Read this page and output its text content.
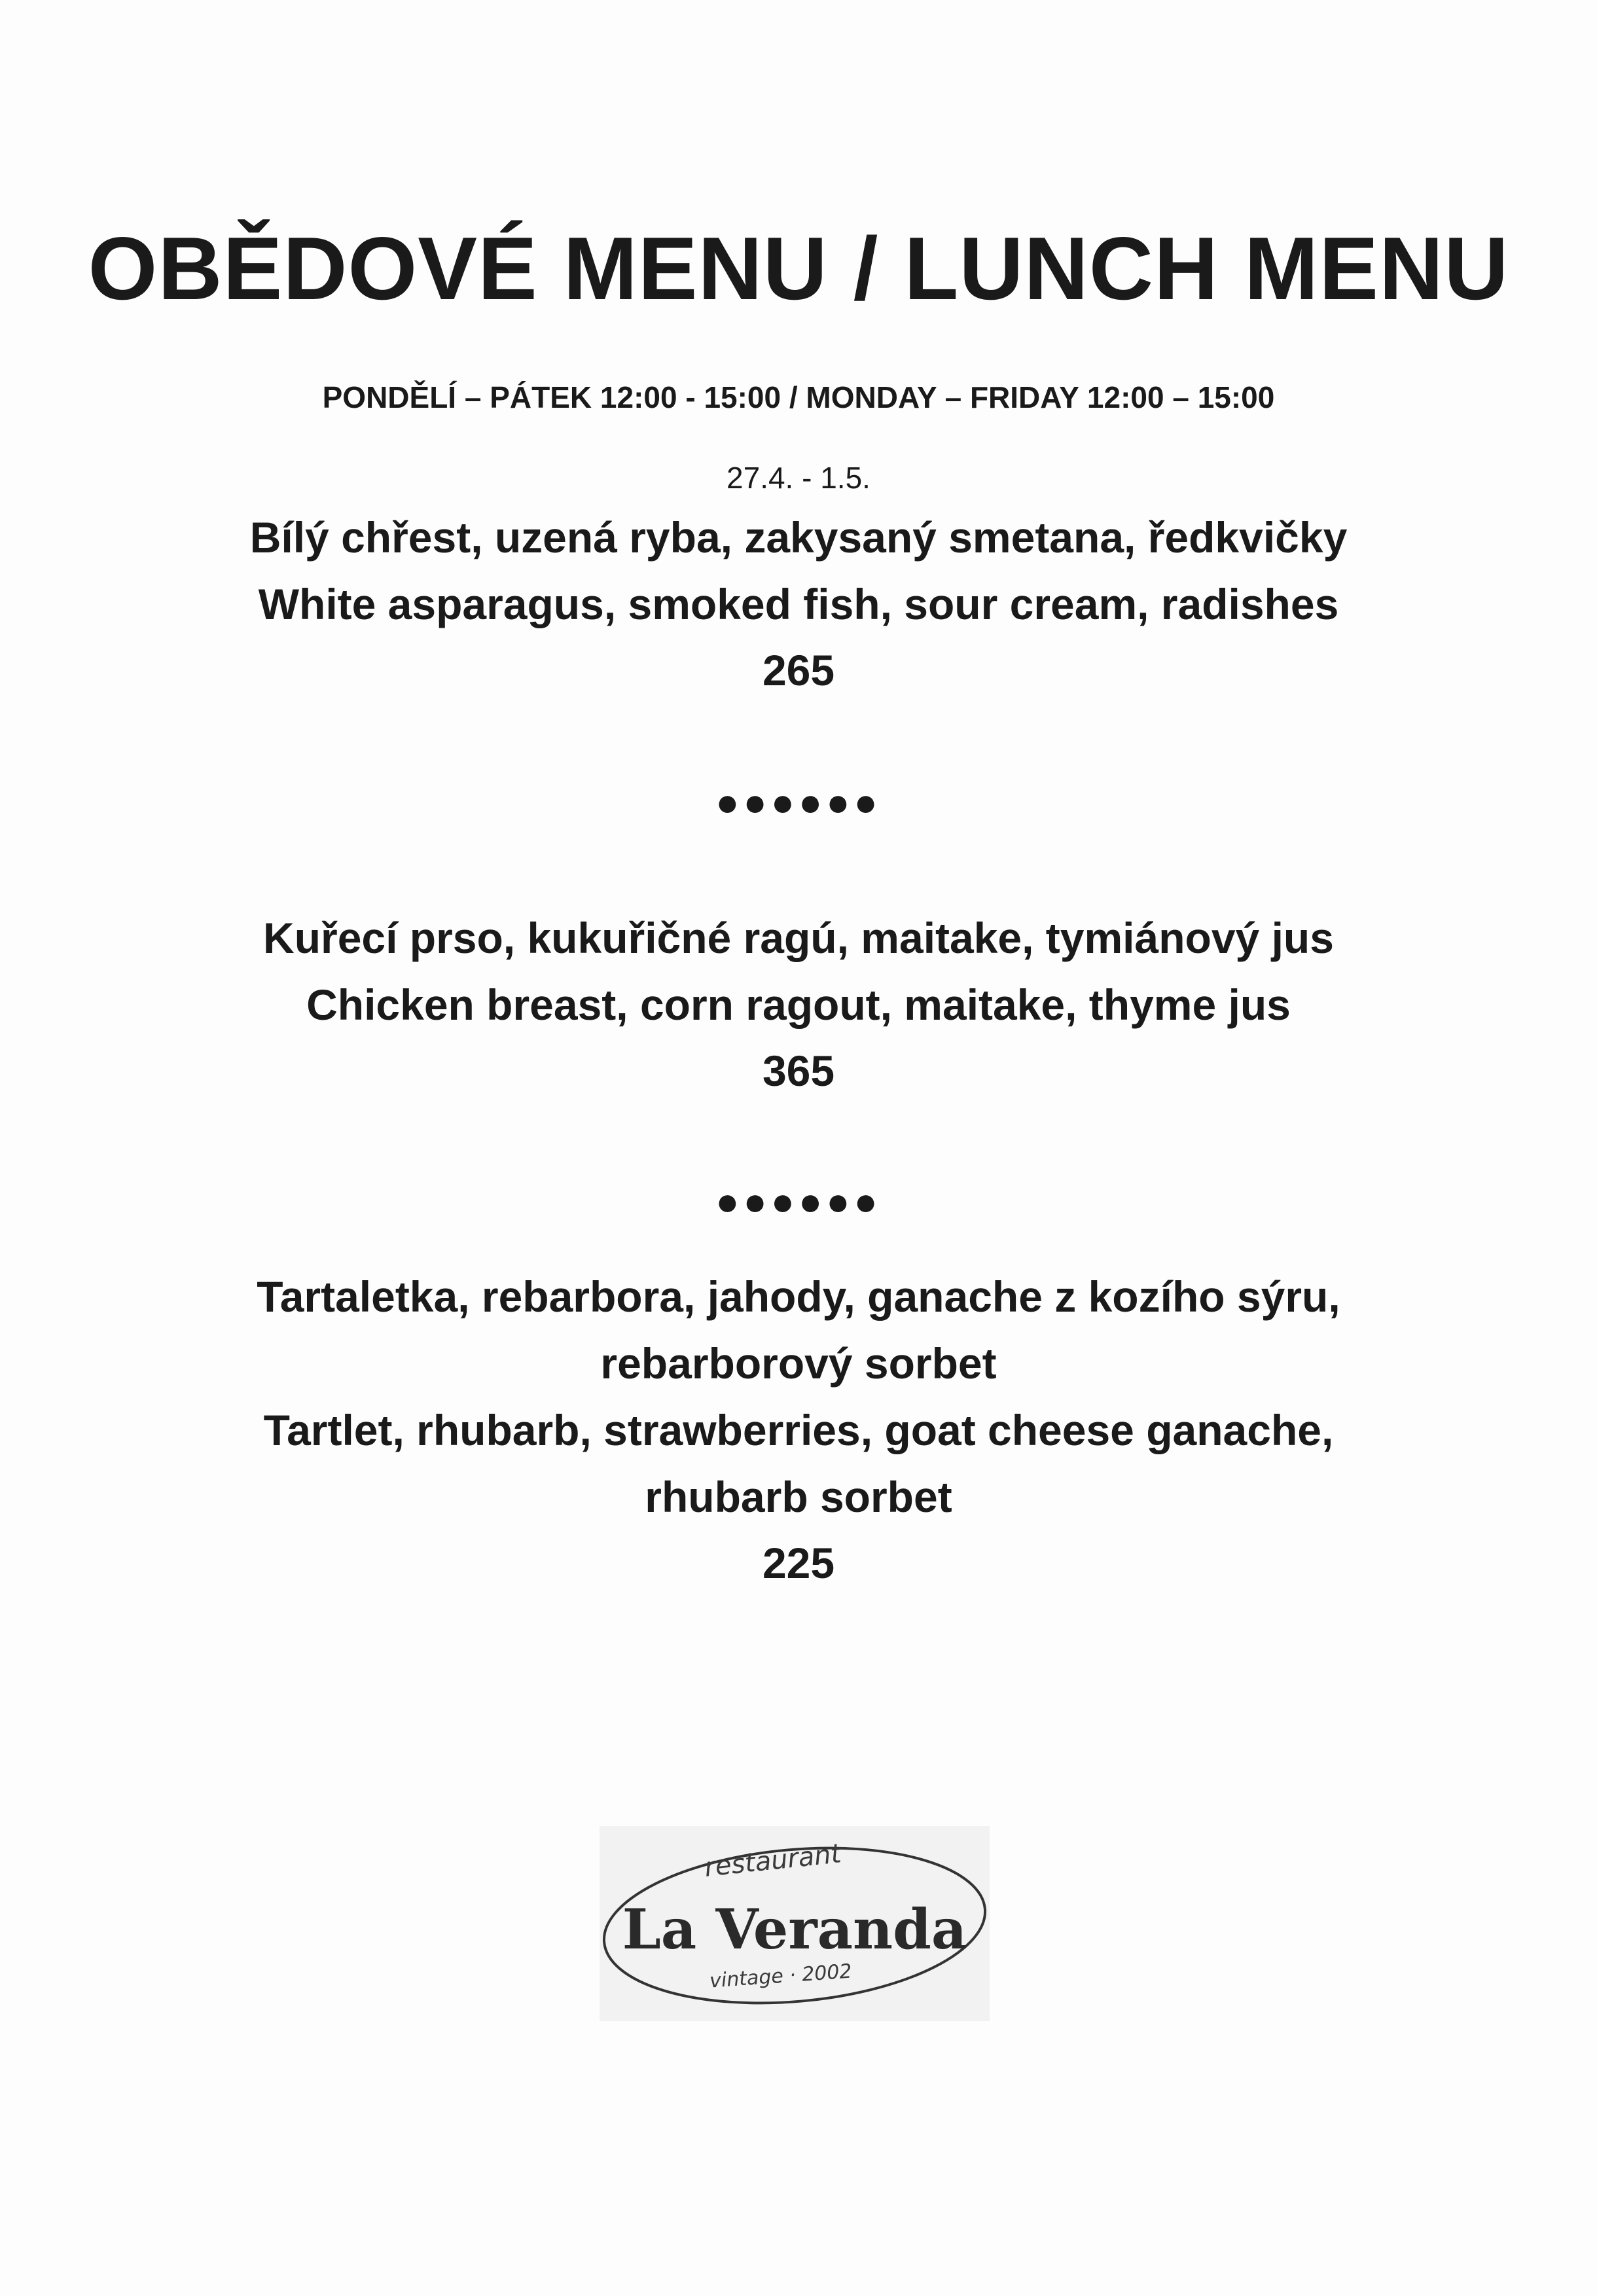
OBĚDOVÉ MENU / LUNCH MENU
PONDĚLÍ – PÁTEK 12:00 - 15:00 / MONDAY – FRIDAY 12:00 – 15:00
27.4. - 1.5.
Bílý chřest, uzená ryba, zakysaný smetana, ředkvičky
White asparagus, smoked fish, sour cream, radishes
265
●●●●●●
Kuřecí prso, kukuřičné ragú, maitake, tymiánový jus
Chicken breast, corn ragout, maitake, thyme jus
365
●●●●●●
Tartaletka, rebarbora, jahody, ganache z kozího sýru,
rebarborový sorbet
Tartlet, rhubarb, strawberries, goat cheese ganache,
rhubarb sorbet
225
restaurant
La Veranda
vintage · 2002
